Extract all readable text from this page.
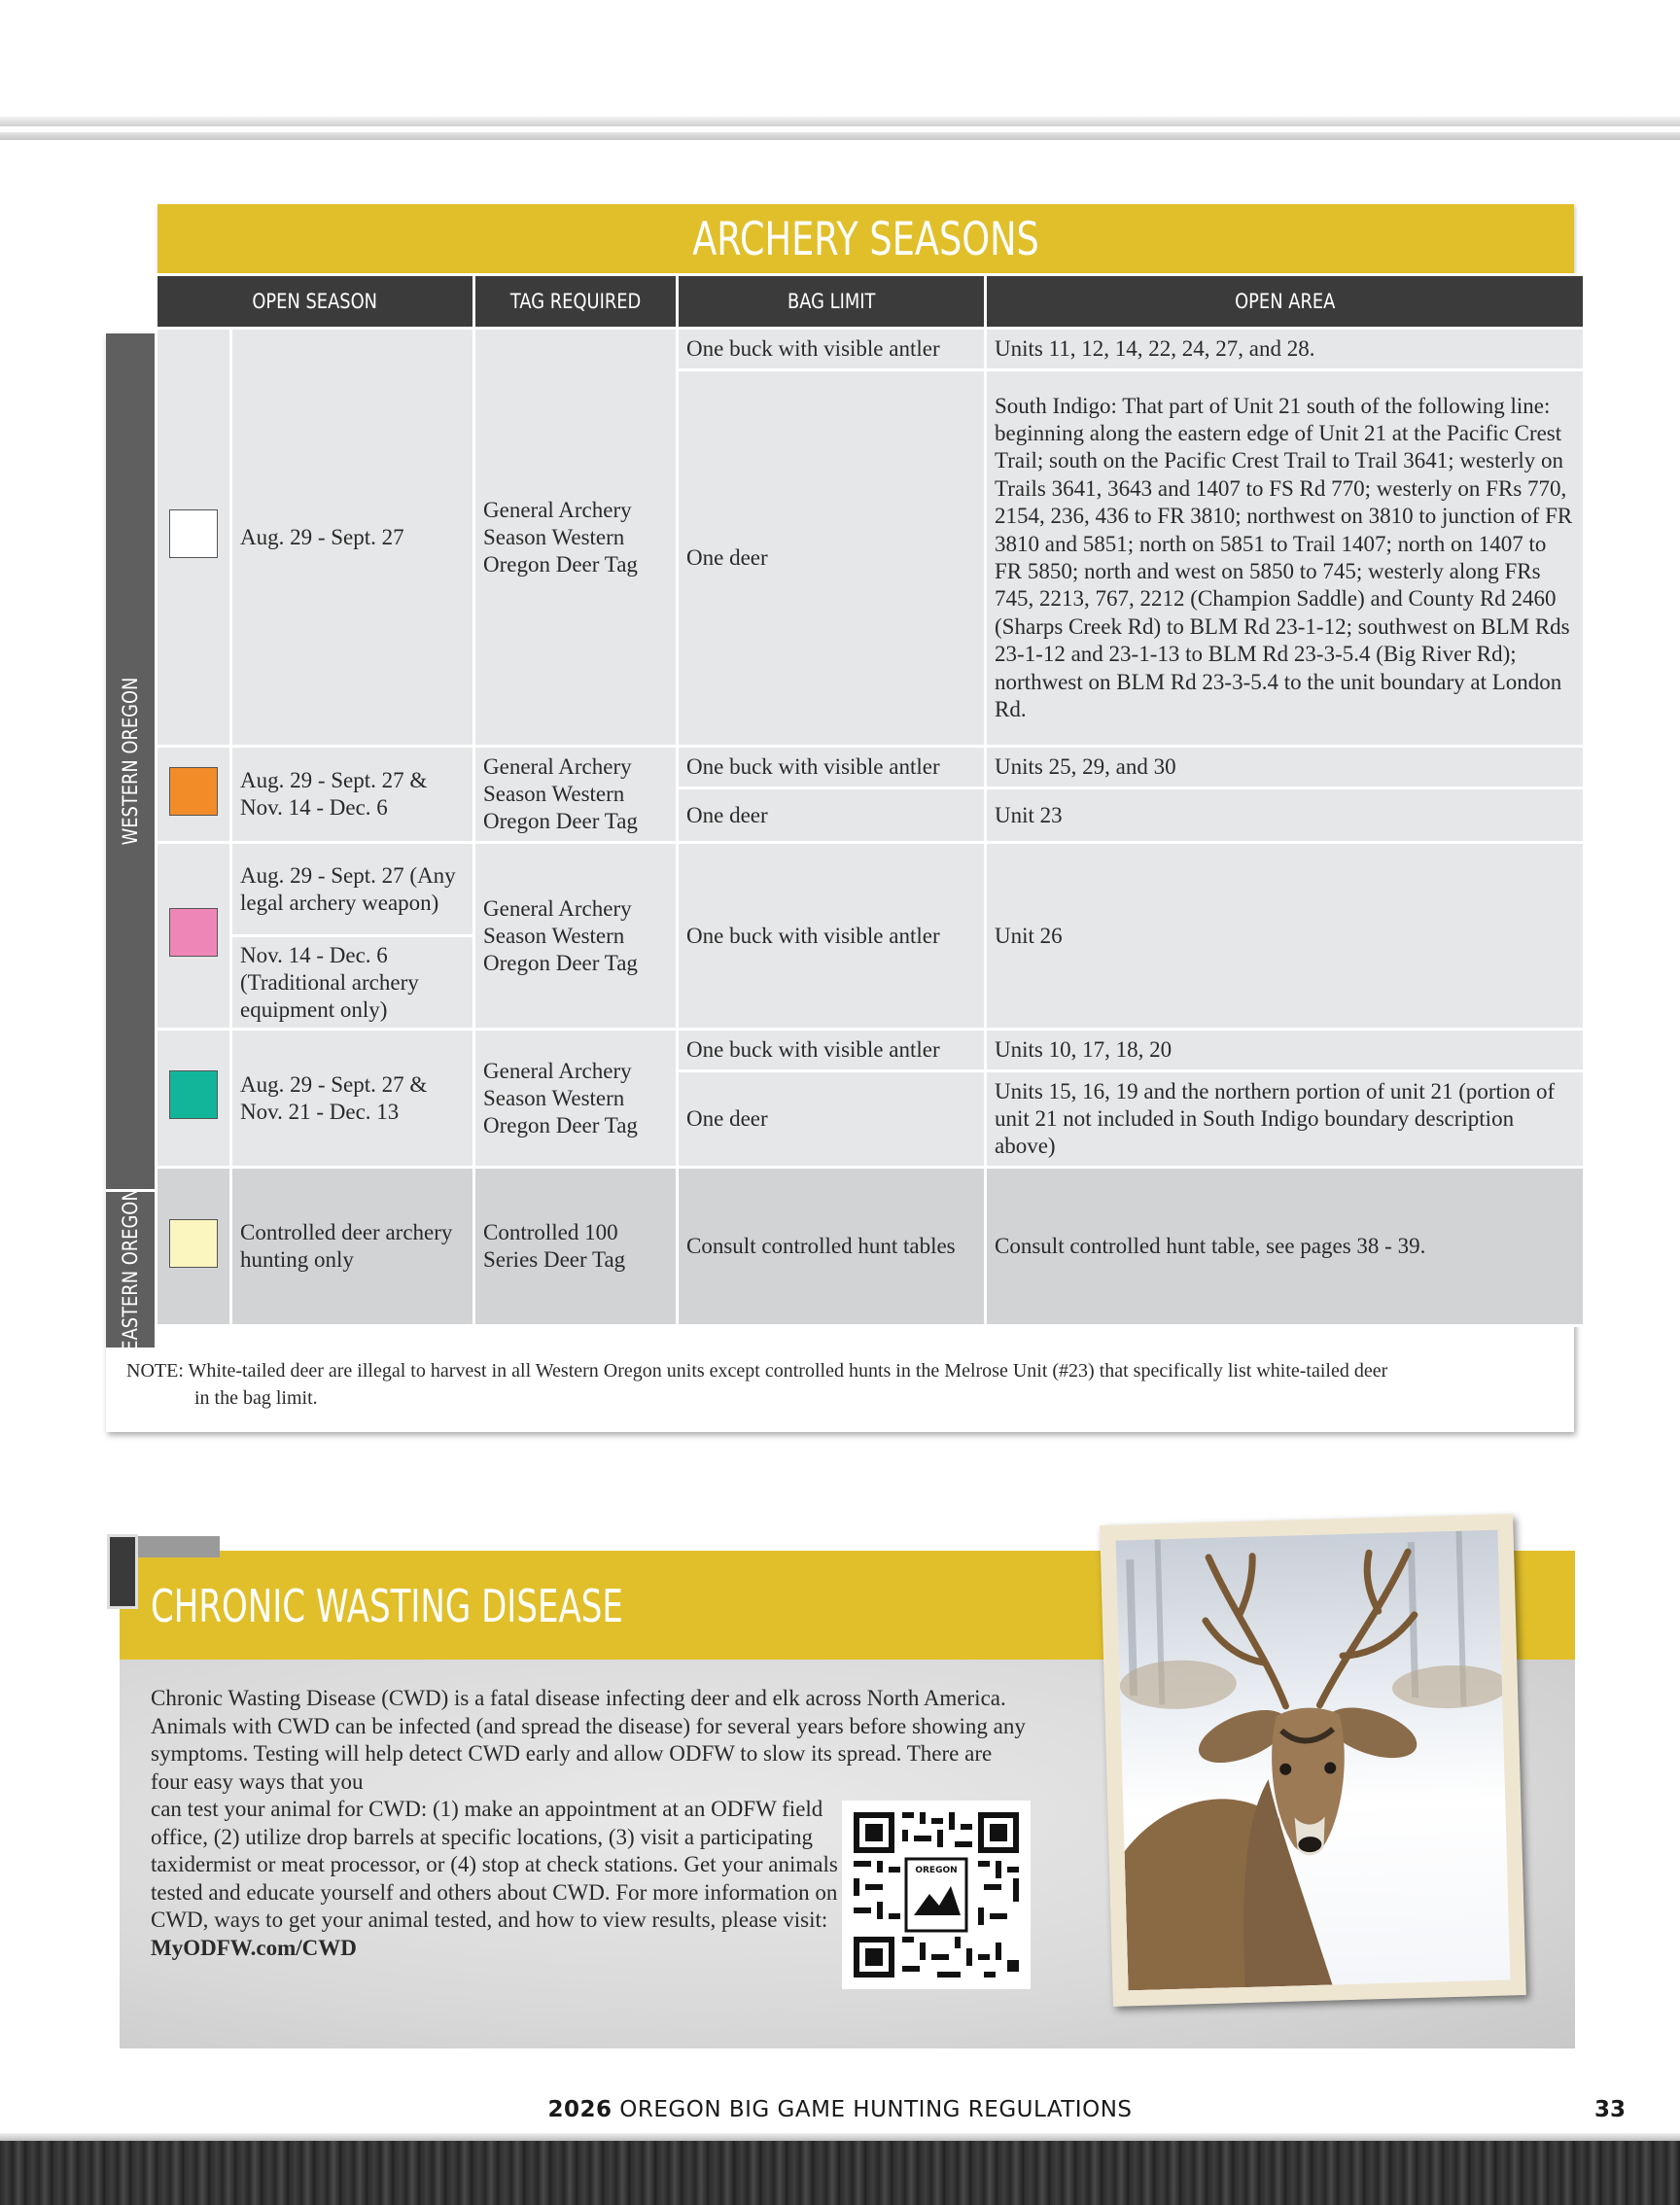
WESTERN OREGON
EASTERN OREGON
ARCHERY SEASONS
OPEN SEASON		TAG REQUIRED	BAG LIMIT	OPEN AREA
	Aug. 29 - Sept. 27	General Archery Season Western Oregon Deer Tag	One buck with visible antler	Units 11, 12, 14, 22, 24, 27, and 28.
			One deer	South Indigo: That part of Unit 21 south of the following line: beginning along the eastern edge of Unit 21 at the Pacific Crest Trail; south on the Pacific Crest Trail to Trail 3641; westerly on Trails 3641, 3643 and 1407 to FS Rd 770; westerly on FRs 770, 2154, 236, 436 to FR 3810; northwest on 3810 to junction of FR 3810 and 5851; north on 5851 to Trail 1407; north on 1407 to FR 5850; north and west on 5850 to 745; westerly along FRs 745, 2213, 767, 2212 (Champion Saddle) and County Rd 2460 (Sharps Creek Rd) to BLM Rd 23-1-12; southwest on BLM Rds 23-1-12 and 23-1-13 to BLM Rd 23-3-5.4 (Big River Rd); northwest on BLM Rd 23-3-5.4 to the unit boundary at London Rd.
	Aug. 29 - Sept. 27 & Nov. 14 - Dec. 6	General Archery Season Western Oregon Deer Tag	One buck with visible antler	Units 25, 29, and 30
			One deer	Unit 23
	Aug. 29 - Sept. 27 (Any legal archery weapon)	General Archery Season Western Oregon Deer Tag	One buck with visible antler	Unit 26
	Nov. 14 - Dec. 6 (Traditional archery equipment only)			
	Aug. 29 - Sept. 27 & Nov. 21 - Dec. 13	General Archery Season Western Oregon Deer Tag	One buck with visible antler	Units 10, 17, 18, 20
			One deer	Units 15, 16, 19 and the northern portion of unit 21 (portion of unit 21 not included in South Indigo boundary description above)
	Controlled deer archery hunting only	Controlled 100 Series Deer Tag	Consult controlled hunt tables	Consult controlled hunt table, see pages 38 - 39.
NOTE: White-tailed deer are illegal to harvest in all Western Oregon units except controlled hunts in the Melrose Unit (#23) that specifically list white-tailed deer
in the bag limit.
CHRONIC WASTING DISEASE
Chronic Wasting Disease (CWD) is a fatal disease infecting deer and elk across North America. Animals with CWD can be infected (and spread the disease) for several years before showing any symptoms. Testing will help detect CWD early and allow ODFW to slow its spread. There are four easy ways that you
can test your animal for CWD: (1) make an appointment at an ODFW field office, (2) utilize drop barrels at specific locations, (3) visit a participating taxidermist or meat processor, or (4) stop at check stations. Get your animals tested and educate yourself and others about CWD. For more information on CWD, ways to get your animal tested, and how to view results, please visit:
MyODFW.com/CWD
OREGON
2026 OREGON BIG GAME HUNTING REGULATIONS	33
